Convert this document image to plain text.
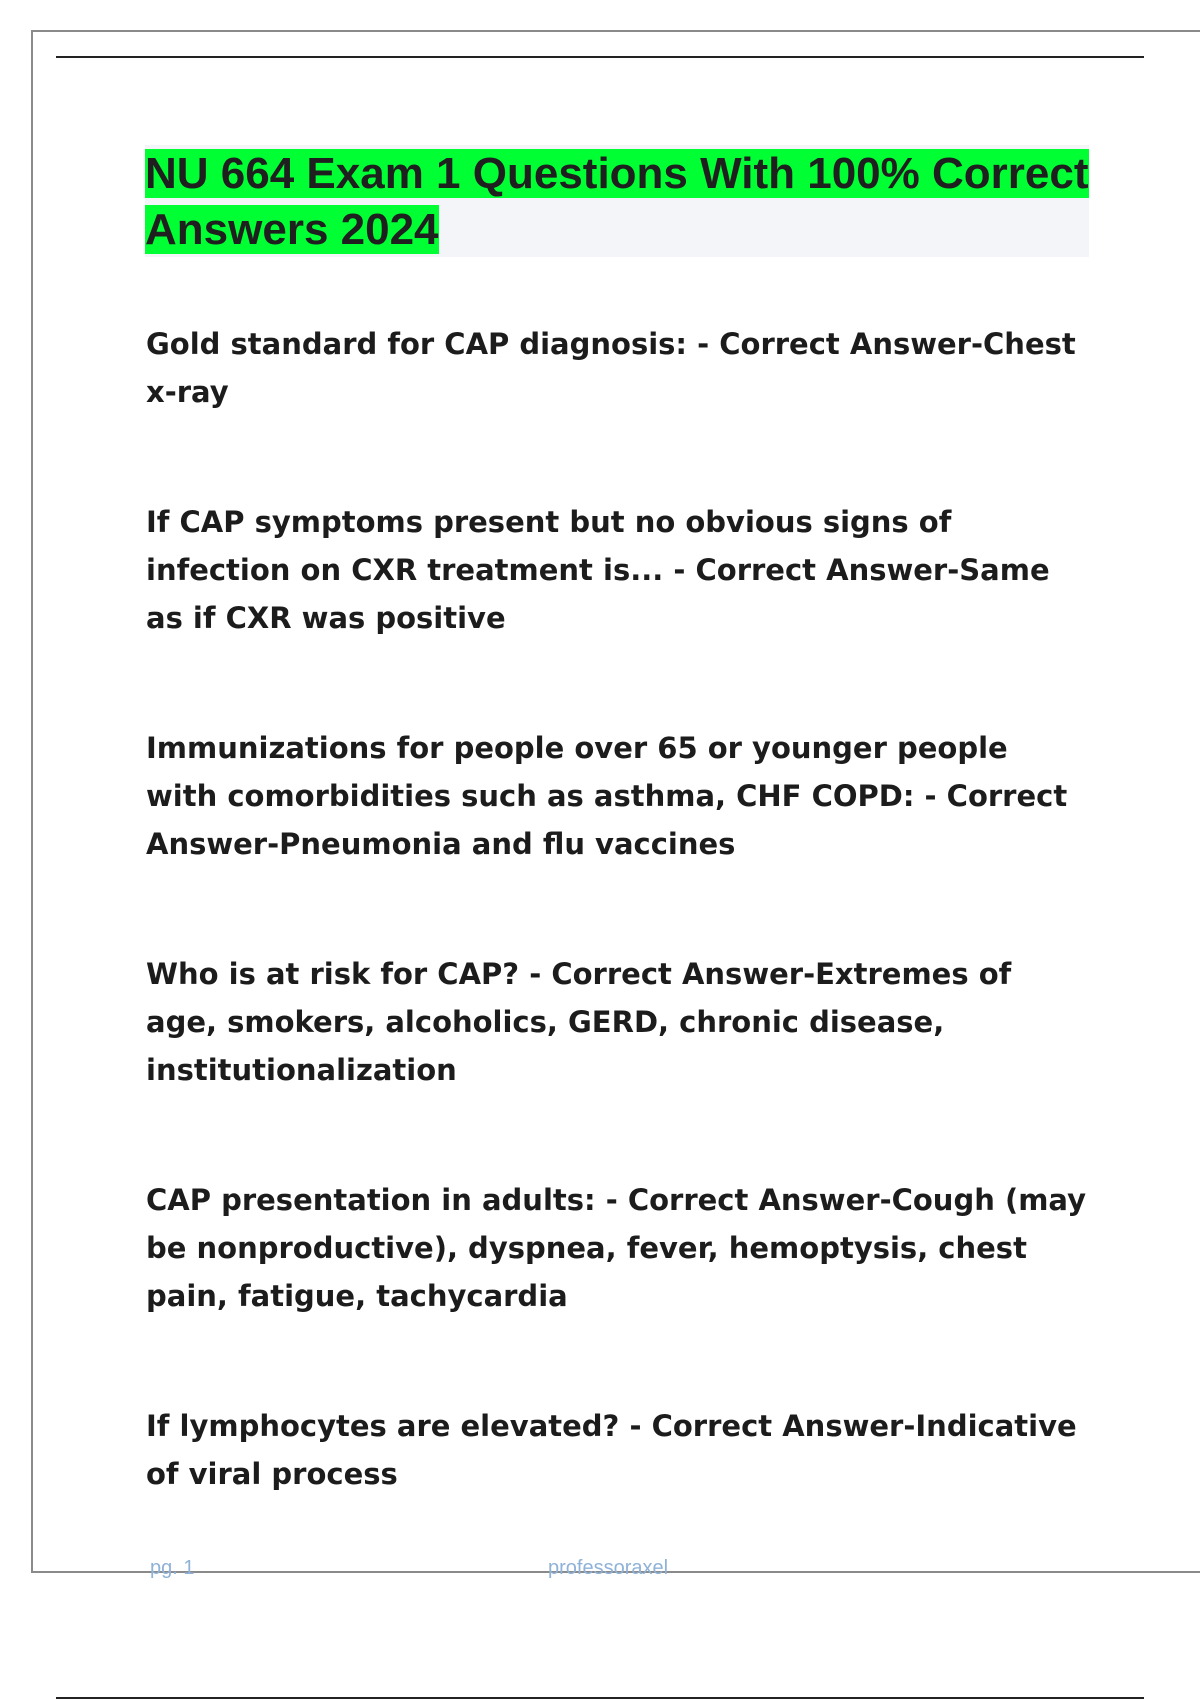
NU 664 Exam 1 Questions With 100% Correct Answers 2024
Gold standard for CAP diagnosis: - Correct Answer-Chest x-ray
If CAP symptoms present but no obvious signs of infection on CXR treatment is... - Correct Answer-Same as if CXR was positive
Immunizations for people over 65 or younger people with comorbidities such as asthma, CHF COPD: - Correct Answer-Pneumonia and flu vaccines
Who is at risk for CAP? - Correct Answer-Extremes of age, smokers, alcoholics, GERD, chronic disease, institutionalization
CAP presentation in adults: - Correct Answer-Cough (may be nonproductive), dyspnea, fever, hemoptysis, chest pain, fatigue, tachycardia
If lymphocytes are elevated? - Correct Answer-Indicative of viral process
pg. 1	professoraxel
